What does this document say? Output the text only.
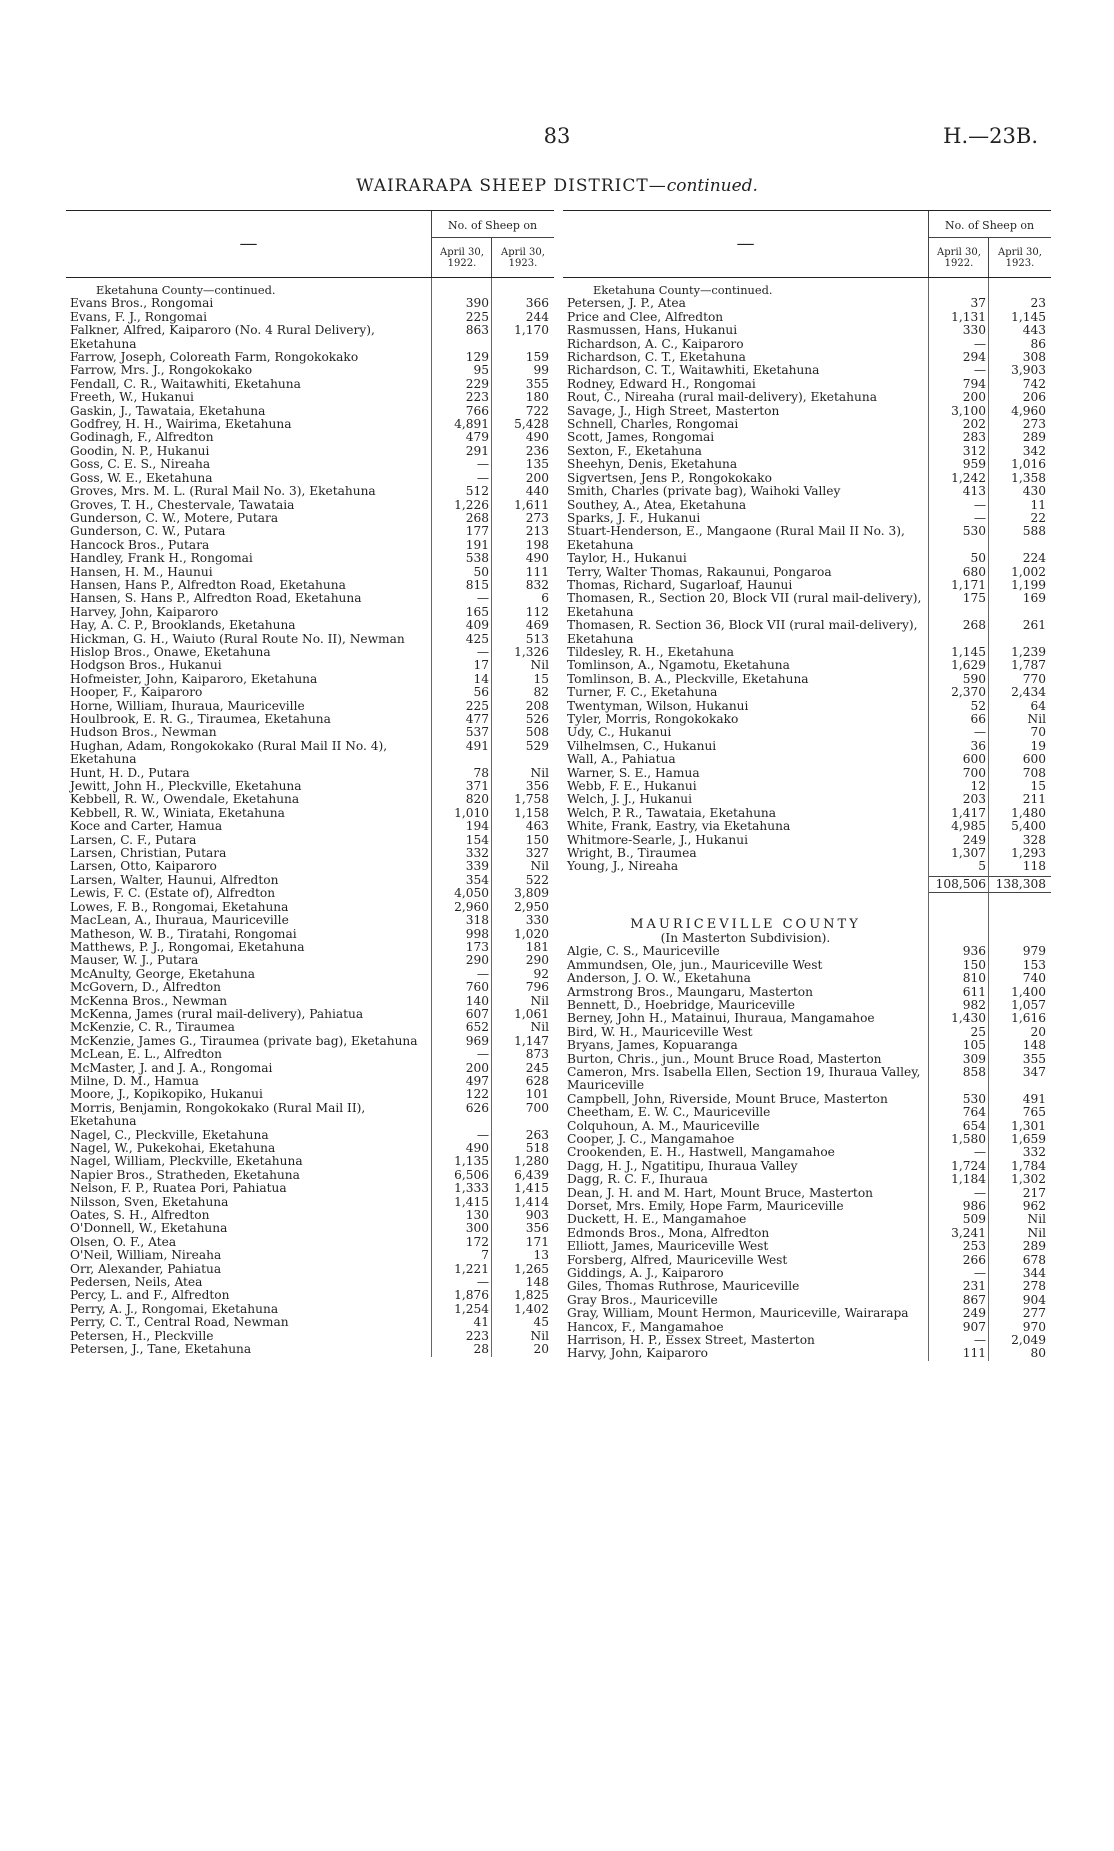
83	H.—23B.
WAIRARAPA SHEEP DISTRICT—continued.
—
No. of Sheep on
April 30, 1922.
April 30, 1923.
Eketahuna County—continued.
Evans Bros., Rongomai	390	366
Evans, F. J., Rongomai	225	244
Falkner, Alfred, Kaiparoro (No. 4 Rural Delivery), Eketahuna
863	1,170
Farrow, Joseph, Coloreath Farm, Rongokokako	129	159
Farrow, Mrs. J., Rongokokako	95	99
Fendall, C. R., Waitawhiti, Eketahuna	229	355
Freeth, W., Hukanui	223	180
Gaskin, J., Tawataia, Eketahuna	766	722
Godfrey, H. H., Wairima, Eketahuna	4,891	5,428
Godinagh, F., Alfredton	479	490
Goodin, N. P., Hukanui	291	236
Goss, C. E. S., Nireaha	—	135
Goss, W. E., Eketahuna	—	200
Groves, Mrs. M. L. (Rural Mail No. 3), Eketahuna	512	440
Groves, T. H., Chestervale, Tawataia	1,226	1,611
Gunderson, C. W., Motere, Putara	268	273
Gunderson, C. W., Putara	177	213
Hancock Bros., Putara	191	198
Handley, Frank H., Rongomai	538	490
Hansen, H. M., Haunui	50	111
Hansen, Hans P., Alfredton Road, Eketahuna	815	832
Hansen, S. Hans P., Alfredton Road, Eketahuna	—	6
Harvey, John, Kaiparoro	165	112
Hay, A. C. P., Brooklands, Eketahuna	409	469
Hickman, G. H., Waiuto (Rural Route No. II), Newman	425	513
Hislop Bros., Onawe, Eketahuna	—	1,326
Hodgson Bros., Hukanui	17	Nil
Hofmeister, John, Kaiparoro, Eketahuna	14	15
Hooper, F., Kaiparoro	56	82
Horne, William, Ihuraua, Mauriceville	225	208
Houlbrook, E. R. G., Tiraumea, Eketahuna	477	526
Hudson Bros., Newman	537	508
Hughan, Adam, Rongokokako (Rural Mail II No. 4), Eketahuna
491	529
Hunt, H. D., Putara	78	Nil
Jewitt, John H., Pleckville, Eketahuna	371	356
Kebbell, R. W., Owendale, Eketahuna	820	1,758
Kebbell, R. W., Winiata, Eketahuna	1,010	1,158
Koce and Carter, Hamua	194	463
Larsen, C. F., Putara	154	150
Larsen, Christian, Putara	332	327
Larsen, Otto, Kaiparoro	339	Nil
Larsen, Walter, Haunui, Alfredton	354	522
Lewis, F. C. (Estate of), Alfredton	4,050	3,809
Lowes, F. B., Rongomai, Eketahuna	2,960	2,950
MacLean, A., Ihuraua, Mauriceville	318	330
Matheson, W. B., Tiratahi, Rongomai	998	1,020
Matthews, P. J., Rongomai, Eketahuna	173	181
Mauser, W. J., Putara	290	290
McAnulty, George, Eketahuna	—	92
McGovern, D., Alfredton	760	796
McKenna Bros., Newman	140	Nil
McKenna, James (rural mail-delivery), Pahiatua	607	1,061
McKenzie, C. R., Tiraumea	652	Nil
McKenzie, James G., Tiraumea (private bag), Eketahuna	969	1,147
McLean, E. L., Alfredton	—	873
McMaster, J. and J. A., Rongomai	200	245
Milne, D. M., Hamua	497	628
Moore, J., Kopikopiko, Hukanui	122	101
Morris, Benjamin, Rongokokako (Rural Mail II), Eketahuna
626	700
Nagel, C., Pleckville, Eketahuna	—	263
Nagel, W., Pukekohai, Eketahuna	490	518
Nagel, William, Pleckville, Eketahuna	1,135	1,280
Napier Bros., Stratheden, Eketahuna	6,506	6,439
Nelson, F. P., Ruatea Pori, Pahiatua	1,333	1,415
Nilsson, Sven, Eketahuna	1,415	1,414
Oates, S. H., Alfredton	130	903
O'Donnell, W., Eketahuna	300	356
Olsen, O. F., Atea	172	171
O'Neil, William, Nireaha	7	13
Orr, Alexander, Pahiatua	1,221	1,265
Pedersen, Neils, Atea	—	148
Percy, L. and F., Alfredton	1,876	1,825
Perry, A. J., Rongomai, Eketahuna	1,254	1,402
Perry, C. T., Central Road, Newman	41	45
Petersen, H., Pleckville	223	Nil
Petersen, J., Tane, Eketahuna	28	20
—
No. of Sheep on
April 30, 1922.
April 30, 1923.
Eketahuna County—continued.
Petersen, J. P., Atea	37	23
Price and Clee, Alfredton	1,131	1,145
Rasmussen, Hans, Hukanui	330	443
Richardson, A. C., Kaiparoro	—	86
Richardson, C. T., Eketahuna	294	308
Richardson, C. T., Waitawhiti, Eketahuna	—	3,903
Rodney, Edward H., Rongomai	794	742
Rout, C., Nireaha (rural mail-delivery), Eketahuna	200	206
Savage, J., High Street, Masterton	3,100	4,960
Schnell, Charles, Rongomai	202	273
Scott, James, Rongomai	283	289
Sexton, F., Eketahuna	312	342
Sheehyn, Denis, Eketahuna	959	1,016
Sigvertsen, Jens P., Rongokokako	1,242	1,358
Smith, Charles (private bag), Waihoki Valley	413	430
Southey, A., Atea, Eketahuna	—	11
Sparks, J. F., Hukanui	—	22
Stuart-Henderson, E., Mangaone (Rural Mail II No. 3), Eketahuna
530	588
Taylor, H., Hukanui	50	224
Terry, Walter Thomas, Rakaunui, Pongaroa	680	1,002
Thomas, Richard, Sugarloaf, Haunui	1,171	1,199
Thomasen, R., Section 20, Block VII (rural mail-delivery), Eketahuna
175	169
Thomasen, R. Section 36, Block VII (rural mail-delivery), Eketahuna
268	261
Tildesley, R. H., Eketahuna	1,145	1,239
Tomlinson, A., Ngamotu, Eketahuna	1,629	1,787
Tomlinson, B. A., Pleckville, Eketahuna	590	770
Turner, F. C., Eketahuna	2,370	2,434
Twentyman, Wilson, Hukanui	52	64
Tyler, Morris, Rongokokako	66	Nil
Udy, C., Hukanui	—	70
Vilhelmsen, C., Hukanui	36	19
Wall, A., Pahiatua	600	600
Warner, S. E., Hamua	700	708
Webb, F. E., Hukanui	12	15
Welch, J. J., Hukanui	203	211
Welch, P. R., Tawataia, Eketahuna	1,417	1,480
White, Frank, Eastry, via Eketahuna	4,985	5,400
Whitmore-Searle, J., Hukanui	249	328
Wright, B., Tiraumea	1,307	1,293
Young, J., Nireaha	5	118
108,506 138,308
MAURICEVILLE COUNTY
(In Masterton Subdivision).
Algie, C. S., Mauriceville	936	979
Ammundsen, Ole, jun., Mauriceville West	150	153
Anderson, J. O. W., Eketahuna	810	740
Armstrong Bros., Maungaru, Masterton	611	1,400
Bennett, D., Hoebridge, Mauriceville	982	1,057
Berney, John H., Matainui, Ihuraua, Mangamahoe	1,430	1,616
Bird, W. H., Mauriceville West	25	20
Bryans, James, Kopuaranga	105	148
Burton, Chris., jun., Mount Bruce Road, Masterton	309	355
Cameron, Mrs. Isabella Ellen, Section 19, Ihuraua Valley, Mauriceville
858	347
Campbell, John, Riverside, Mount Bruce, Masterton	530	491
Cheetham, E. W. C., Mauriceville	764	765
Colquhoun, A. M., Mauriceville	654	1,301
Cooper, J. C., Mangamahoe	1,580	1,659
Crookenden, E. H., Hastwell, Mangamahoe	—	332
Dagg, H. J., Ngatitipu, Ihuraua Valley	1,724	1,784
Dagg, R. C. F., Ihuraua	1,184	1,302
Dean, J. H. and M. Hart, Mount Bruce, Masterton	—	217
Dorset, Mrs. Emily, Hope Farm, Mauriceville	986	962
Duckett, H. E., Mangamahoe	509	Nil
Edmonds Bros., Mona, Alfredton	3,241	Nil
Elliott, James, Mauriceville West	253	289
Forsberg, Alfred, Mauriceville West	266	678
Giddings, A. J., Kaiparoro	—	344
Giles, Thomas Ruthrose, Mauriceville	231	278
Gray Bros., Mauriceville	867	904
Gray, William, Mount Hermon, Mauriceville, Wairarapa	249	277
Hancox, F., Mangamahoe	907	970
Harrison, H. P., Essex Street, Masterton	—	2,049
Harvy, John, Kaiparoro	111	80
